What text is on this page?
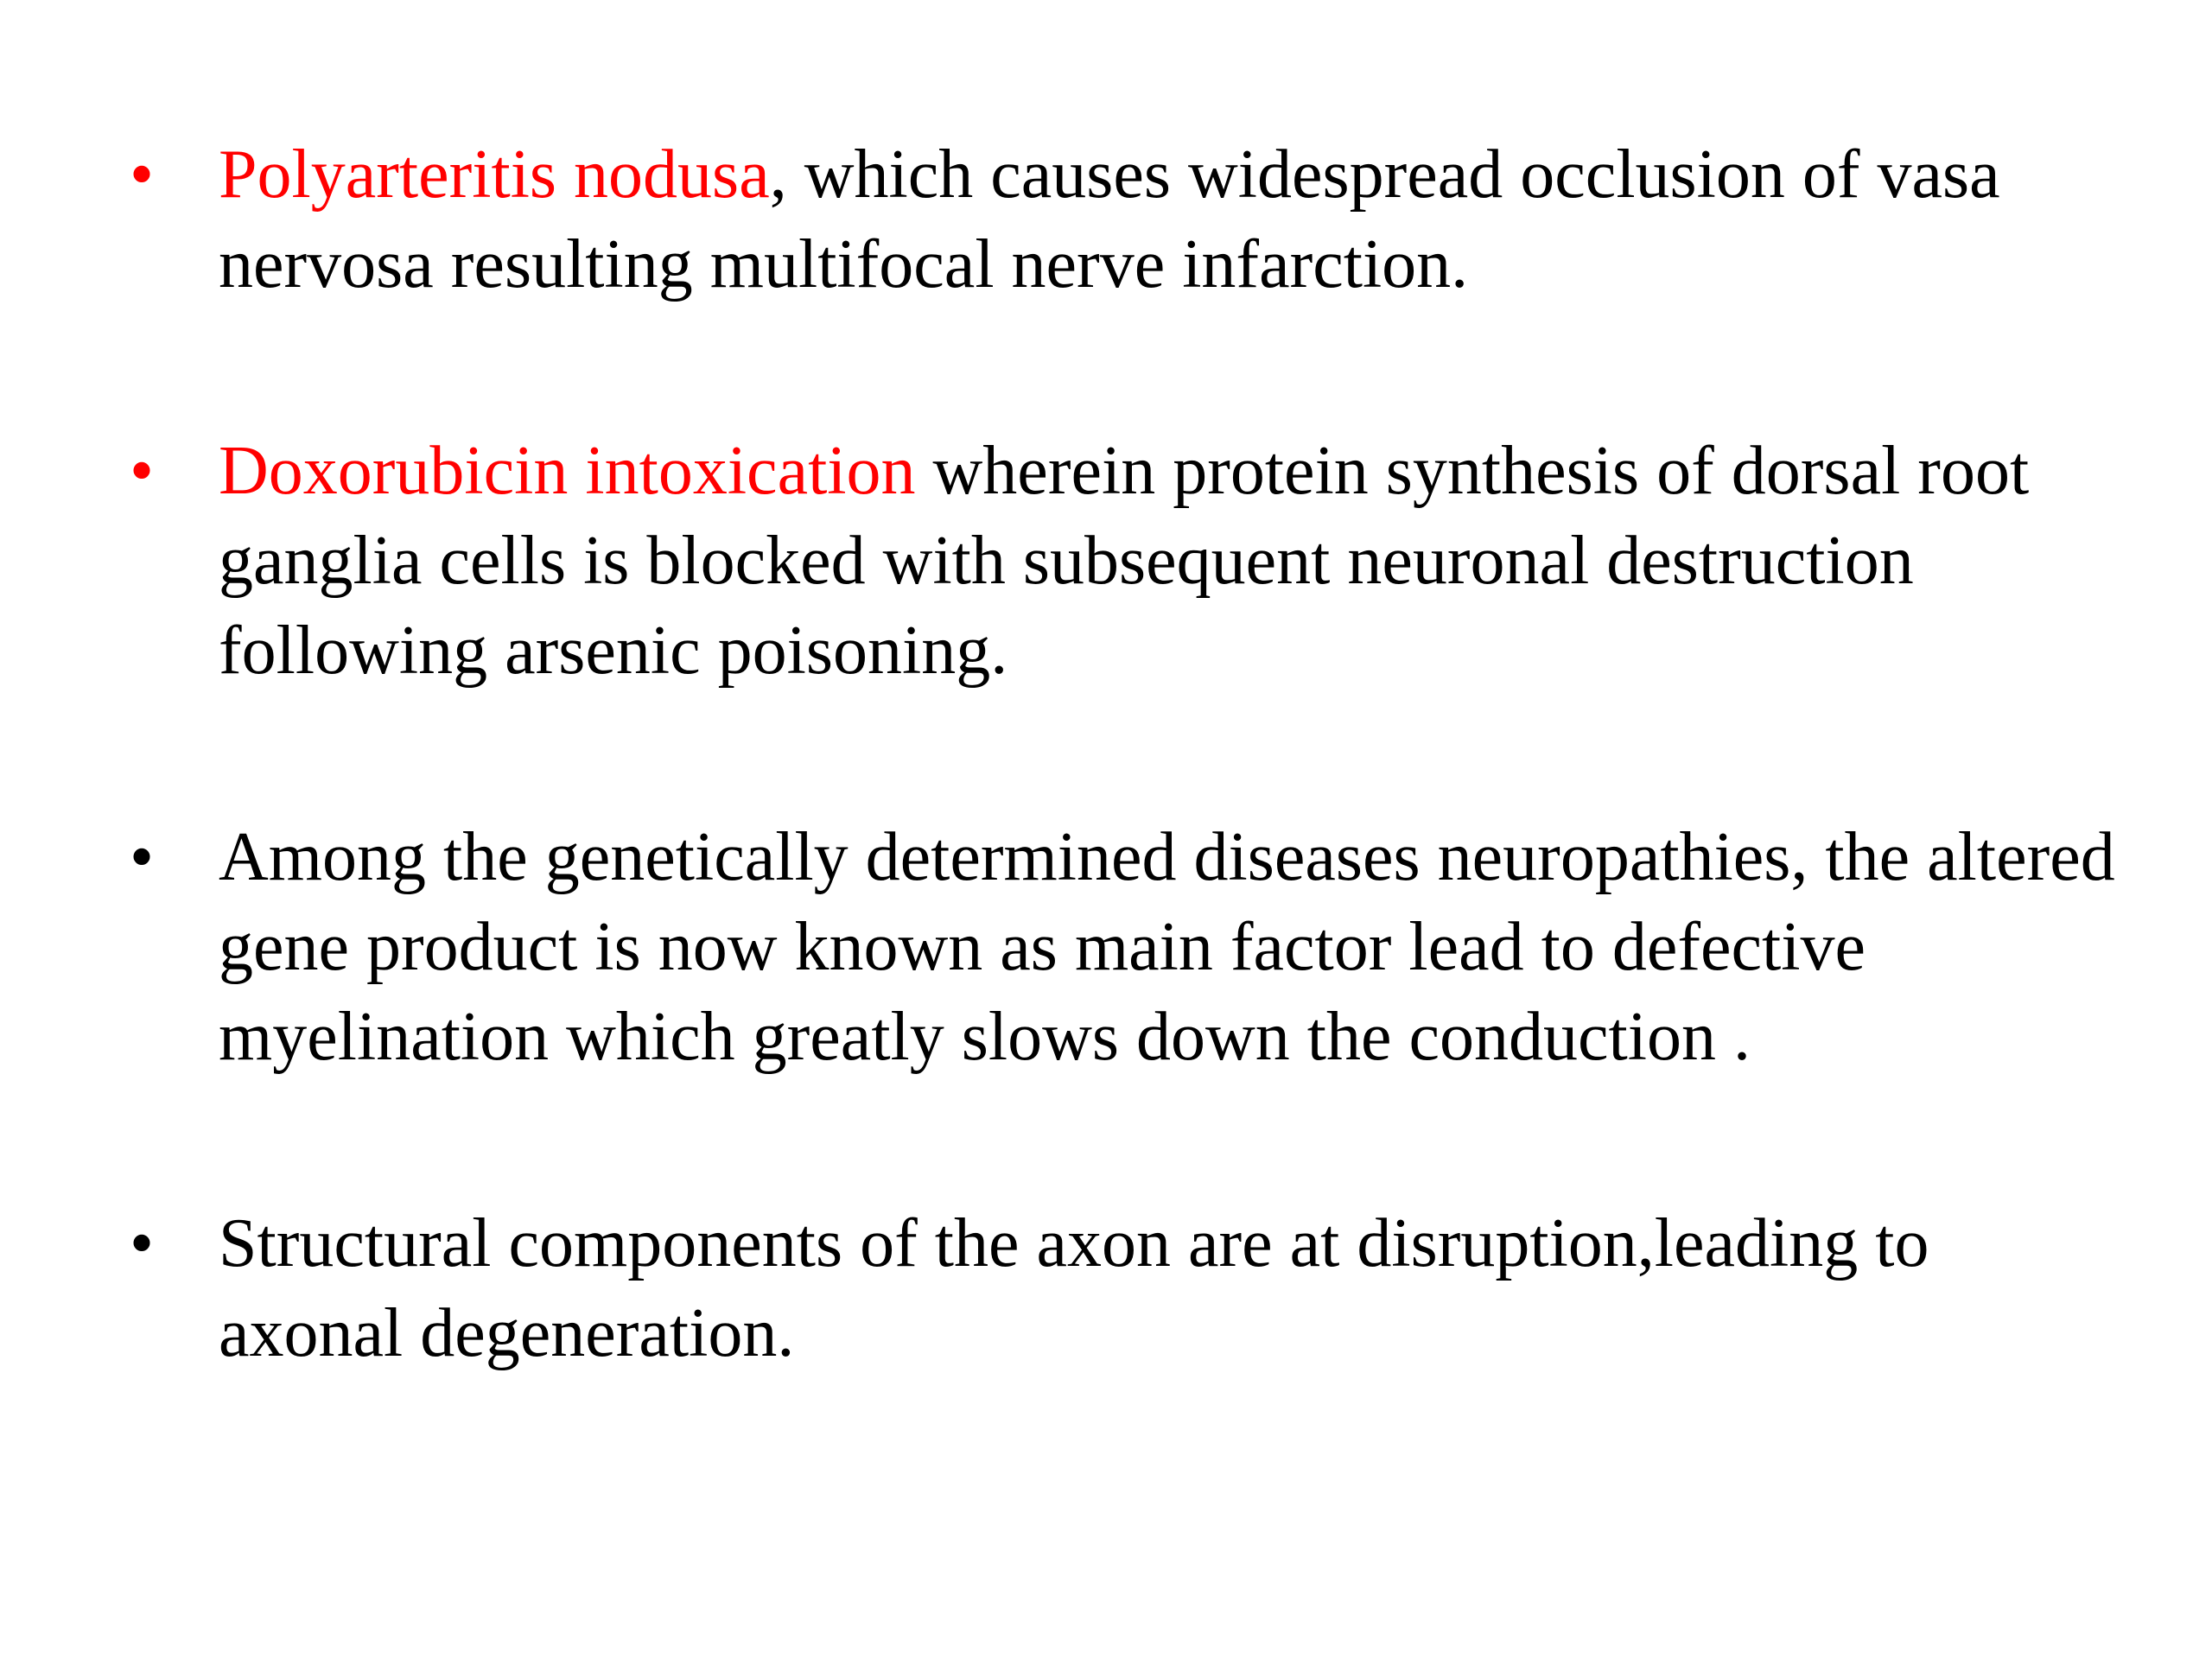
• Polyarteritis nodusa, which causes widespread occlusion of vasa nervosa resulting multifocal nerve infarction.
• Doxorubicin intoxication wherein protein synthesis of dorsal root ganglia cells is blocked with subsequent neuronal destruction following arsenic poisoning.
• Among the genetically determined diseases neuropathies, the altered gene product is now known as main factor lead to defective myelination which greatly slows down the conduction .
• Structural components of the axon are at disruption,leading to axonal degeneration.
